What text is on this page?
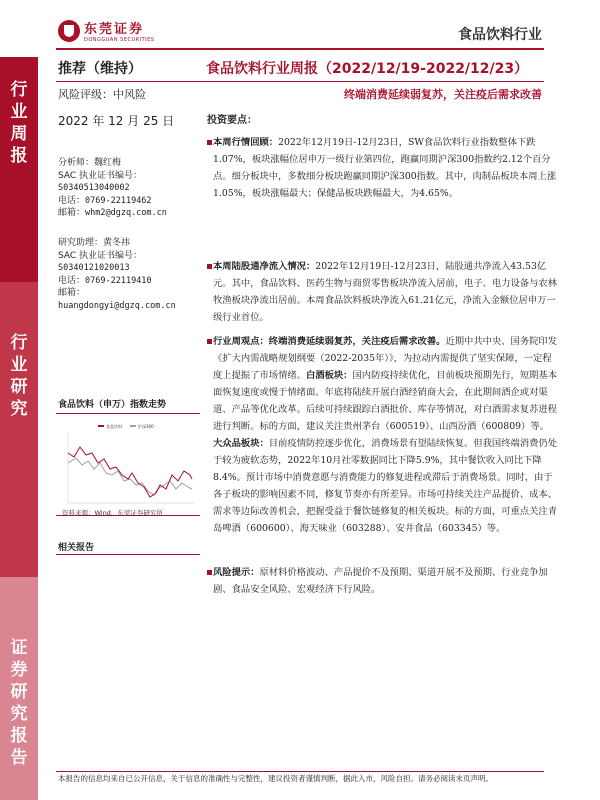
东莞证券
DONGGUAN SECURITIES	食品饮料行业
行
业
周
报
行
业
研
究
证
券
研
究
报
告
推荐（维持）	食品饮料行业周报（2022/12/19-2022/12/23）
风险评级：中风险	终端消费延续弱复苏，关注疫后需求改善
2022 年 12 月 25 日
分析师：魏红梅
SAC 执业证书编号：
S0340513040002
电话：0769-22119462
邮箱：whm2@dgzq.com.cn
研究助理：黄冬祎
SAC 执业证书编号：
S0340121020013
电话：0769-22119410
邮箱：
huangdongyi@dgzq.com.cn
食品饮料（申万）指数走势
食品饮料	沪深300
资料来源：Wind，东莞证券研究所
相关报告
投资要点：
本周行情回顾：2022年12月19日-12月23日，SW食品饮料行业指数整体下跌1.07%，板块涨幅位居申万一级行业第四位，跑赢同期沪深300指数约2.12个百分点。细分板块中，多数细分板块跑赢同期沪深300指数。其中，肉制品板块本周上涨1.05%，板块涨幅最大；保健品板块跌幅最大，为4.65%。
本周陆股通净流入情况：2022年12月19日-12月23日，陆股通共净流入43.53亿元。其中，食品饮料、医药生物与商贸零售板块净流入居前，电子、电力设备与农林牧渔板块净流出居前。本周食品饮料板块净流入61.21亿元，净流入金额位居申万一级行业首位。
行业周观点：终端消费延续弱复苏，关注疫后需求改善。近期中共中央、国务院印发《扩大内需战略规划纲要（2022-2035年）》，为拉动内需提供了坚实保障，一定程度上提振了市场情绪。白酒板块：国内防疫持续优化，目前板块预期先行，短期基本面恢复速度或慢于情绪面。年底将陆续开展白酒经销商大会，在此期间酒企或对渠道、产品等优化改革。后续可持续跟踪白酒批价、库存等情况，对白酒需求复苏进程进行判断。标的方面，建议关注贵州茅台（600519）、山西汾酒（600809）等。大众品板块：目前疫情防控逐步优化，消费场景有望陆续恢复。但我国终端消费仍处于较为疲软态势，2022年10月社零数据同比下降5.9%，其中餐饮收入同比下降8.4%。预计市场中消费意愿与消费能力的修复进程或滞后于消费场景。同时，由于各子板块的影响因素不同，修复节奏亦有所差异。市场可持续关注产品提价、成本、需求等边际改善机会，把握受益于餐饮链修复的相关板块。标的方面，可重点关注青岛啤酒（600600）、海天味业（603288）、安井食品（603345）等。
风险提示：原材料价格波动、产品提价不及预期、渠道开展不及预期、行业竞争加剧、食品安全风险、宏观经济下行风险。
本报告的信息均来自已公开信息，关于信息的准确性与完整性，建议投资者谨慎判断，据此入市，风险自担。请务必阅读末页声明。
